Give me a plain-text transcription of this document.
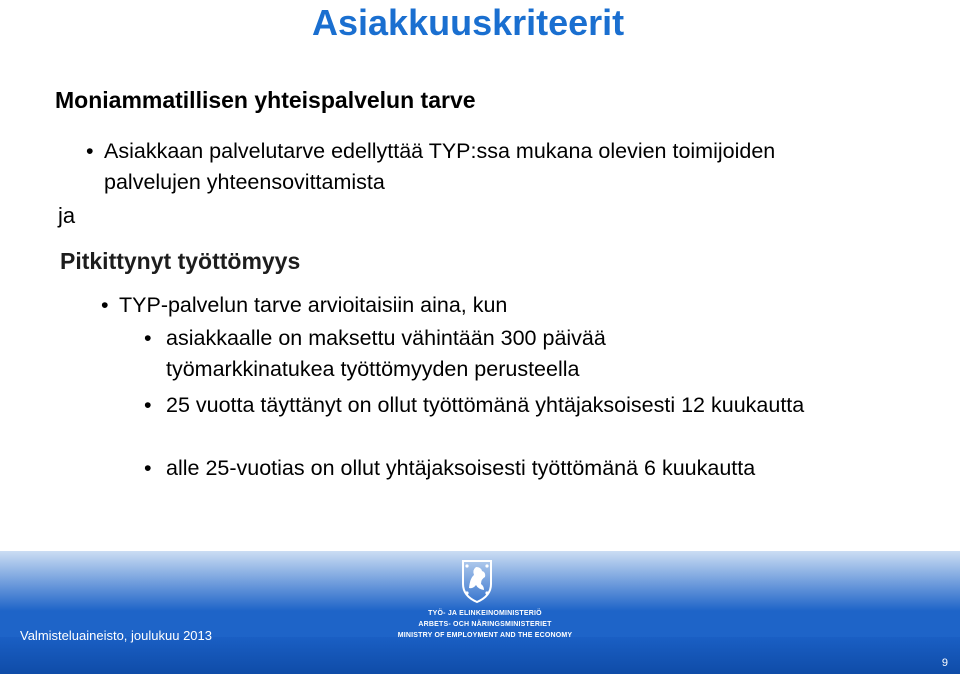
Asiakkuuskriteerit
Moniammatillisen yhteispalvelun tarve
• Asiakkaan palvelutarve edellyttää TYP:ssa mukana olevien toimijoiden palvelujen yhteensovittamista
ja
Pitkittynyt työttömyys
• TYP-palvelun tarve arvioitaisiin aina, kun
• asiakkaalle on maksettu vähintään 300 päivää työmarkkinatukea työttömyyden perusteella
• 25 vuotta täyttänyt on ollut työttömänä yhtäjaksoisesti 12 kuukautta
• alle 25-vuotias on ollut yhtäjaksoisesti työttömänä 6 kuukautta
TYÖ- JA ELINKEINOMINISTERIÖ
ARBETS- OCH NÄRINGSMINISTERIET
MINISTRY OF EMPLOYMENT AND THE ECONOMY
Valmisteluaineisto, joulukuu 2013
9
